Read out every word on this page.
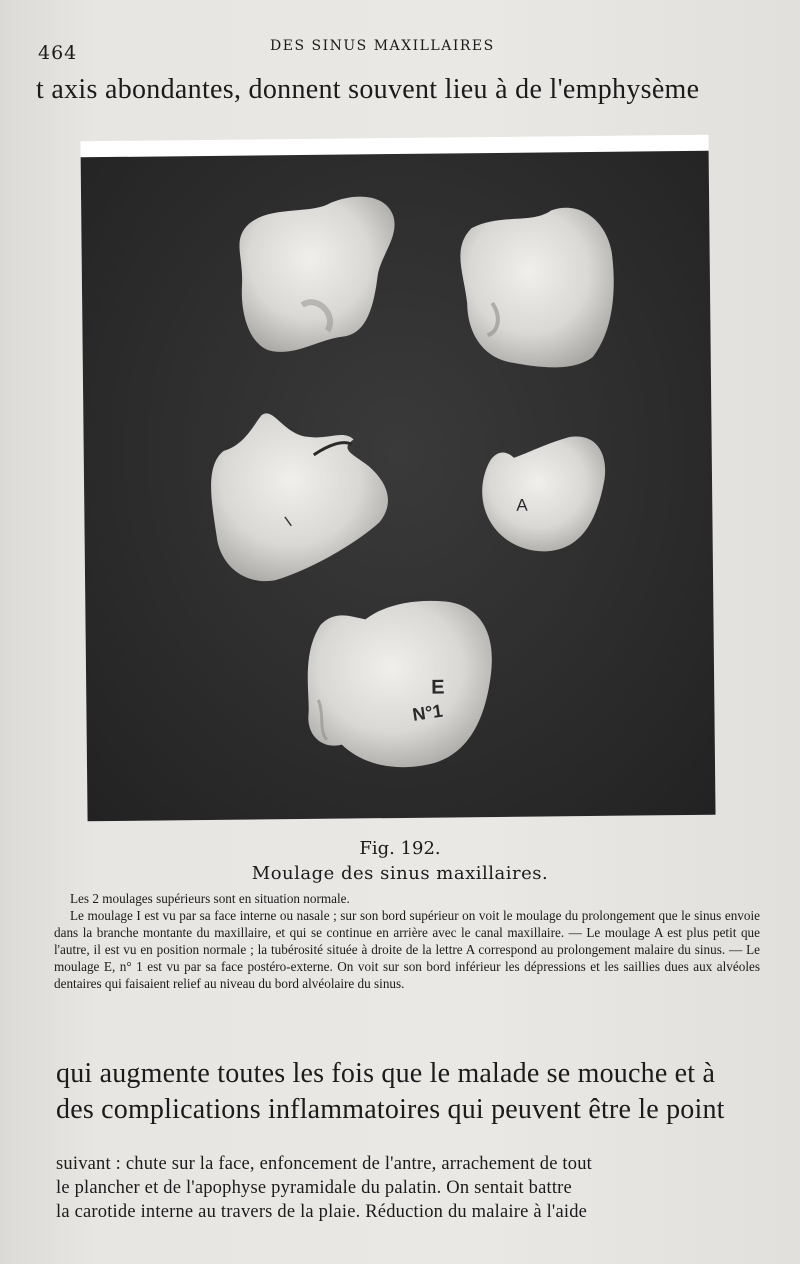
464	DES SINUS MAXILLAIRES
t axis abondantes, donnent souvent lieu à de l'emphysème
I
A
E
N°1
Fig. 192.
Moulage des sinus maxillaires.

Les 2 moulages supérieurs sont en situation normale.

Le moulage I est vu par sa face interne ou nasale ; sur son bord supérieur on voit le moulage du prolongement que le sinus envoie dans la branche montante du maxillaire, et qui se continue en arrière avec le canal maxillaire. — Le moulage A est plus petit que l'autre, il est vu en position normale ; la tubérosité située à droite de la lettre A correspond au prolongement malaire du sinus. — Le moulage E, n° 1 est vu par sa face postéro-externe. On voit sur son bord inférieur les dépressions et les saillies dues aux alvéoles dentaires qui faisaient relief au niveau du bord alvéolaire du sinus.

qui augmente toutes les fois que le malade se mouche et à
des complications inflammatoires qui peuvent être le point
suivant : chute sur la face, enfoncement de l'antre, arrachement de tout
le plancher et de l'apophyse pyramidale du palatin. On sentait battre
la carotide interne au travers de la plaie. Réduction du malaire à l'aide
